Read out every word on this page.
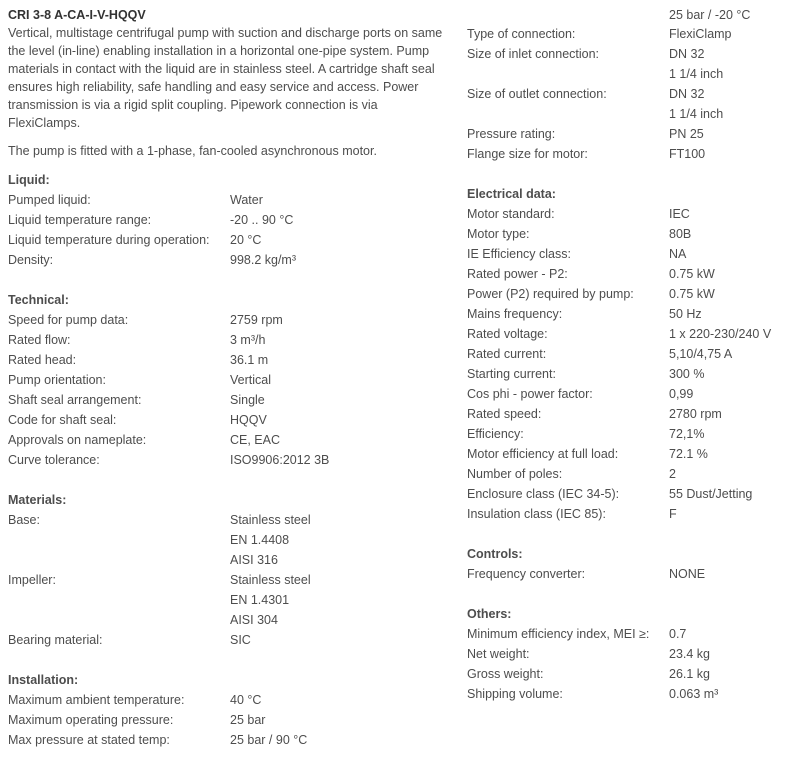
CRI 3-8 A-CA-I-V-HQQV

Vertical, multistage centrifugal pump with suction and discharge ports on same the level (in-line) enabling installation in a horizontal one-pipe system. Pump materials in contact with the liquid are in stainless steel. A cartridge shaft seal ensures high reliability, safe handling and easy service and access. Power transmission is via a rigid split coupling. Pipework connection is via FlexiClamps.

The pump is fitted with a 1-phase, fan-cooled asynchronous motor.

Liquid:
Pumped liquid:	Water
Liquid temperature range:	-20 .. 90 °C
Liquid temperature during operation: 20 °C
Density:	998.2 kg/m³
Technical:
Speed for pump data:	2759 rpm
Rated flow:	3 m³/h
Rated head:	36.1 m
Pump orientation:	Vertical
Shaft seal arrangement:	Single
Code for shaft seal:	HQQV
Approvals on nameplate:	CE, EAC
Curve tolerance:	ISO9906:2012 3B
Materials:
Base:	Stainless steel
EN 1.4408
AISI 316
Impeller:	Stainless steel
EN 1.4301
AISI 304
Bearing material:	SIC
Installation:
Maximum ambient temperature:	40 °C
Maximum operating pressure:	25 bar
Max pressure at stated temp:	25 bar / 90 °C
25 bar / -20 °C
Type of connection:	FlexiClamp
Size of inlet connection:	DN 32
1 1/4 inch
Size of outlet connection:	DN 32
1 1/4 inch
Pressure rating:	PN 25
Flange size for motor:	FT100
Electrical data:
Motor standard:	IEC
Motor type:	80B
IE Efficiency class:	NA
Rated power - P2:	0.75 kW
Power (P2) required by pump:	0.75 kW
Mains frequency:	50 Hz
Rated voltage:	1 x 220-230/240 V
Rated current:	5,10/4,75 A
Starting current:	300 %
Cos phi - power factor:	0,99
Rated speed:	2780 rpm
Efficiency:	72,1%
Motor efficiency at full load:	72.1 %
Number of poles:	2
Enclosure class (IEC 34-5):	55 Dust/Jetting
Insulation class (IEC 85):	F
Controls:
Frequency converter:	NONE
Others:
Minimum efficiency index, MEI ≥: 0.7
Net weight:	23.4 kg
Gross weight:	26.1 kg
Shipping volume:	0.063 m³
